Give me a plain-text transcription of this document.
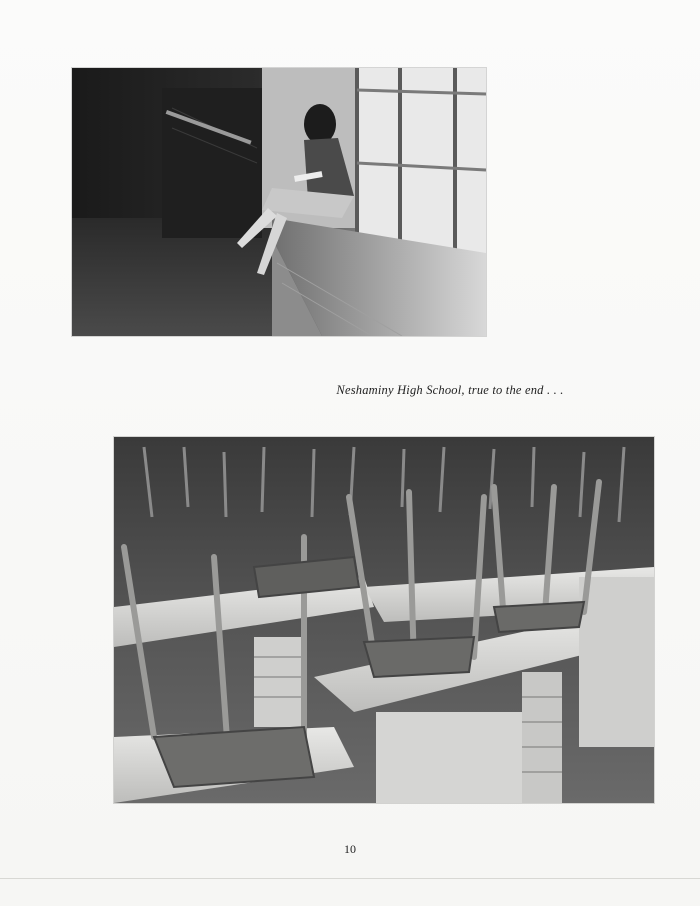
Neshaminy High School, true to the end . . .
10
